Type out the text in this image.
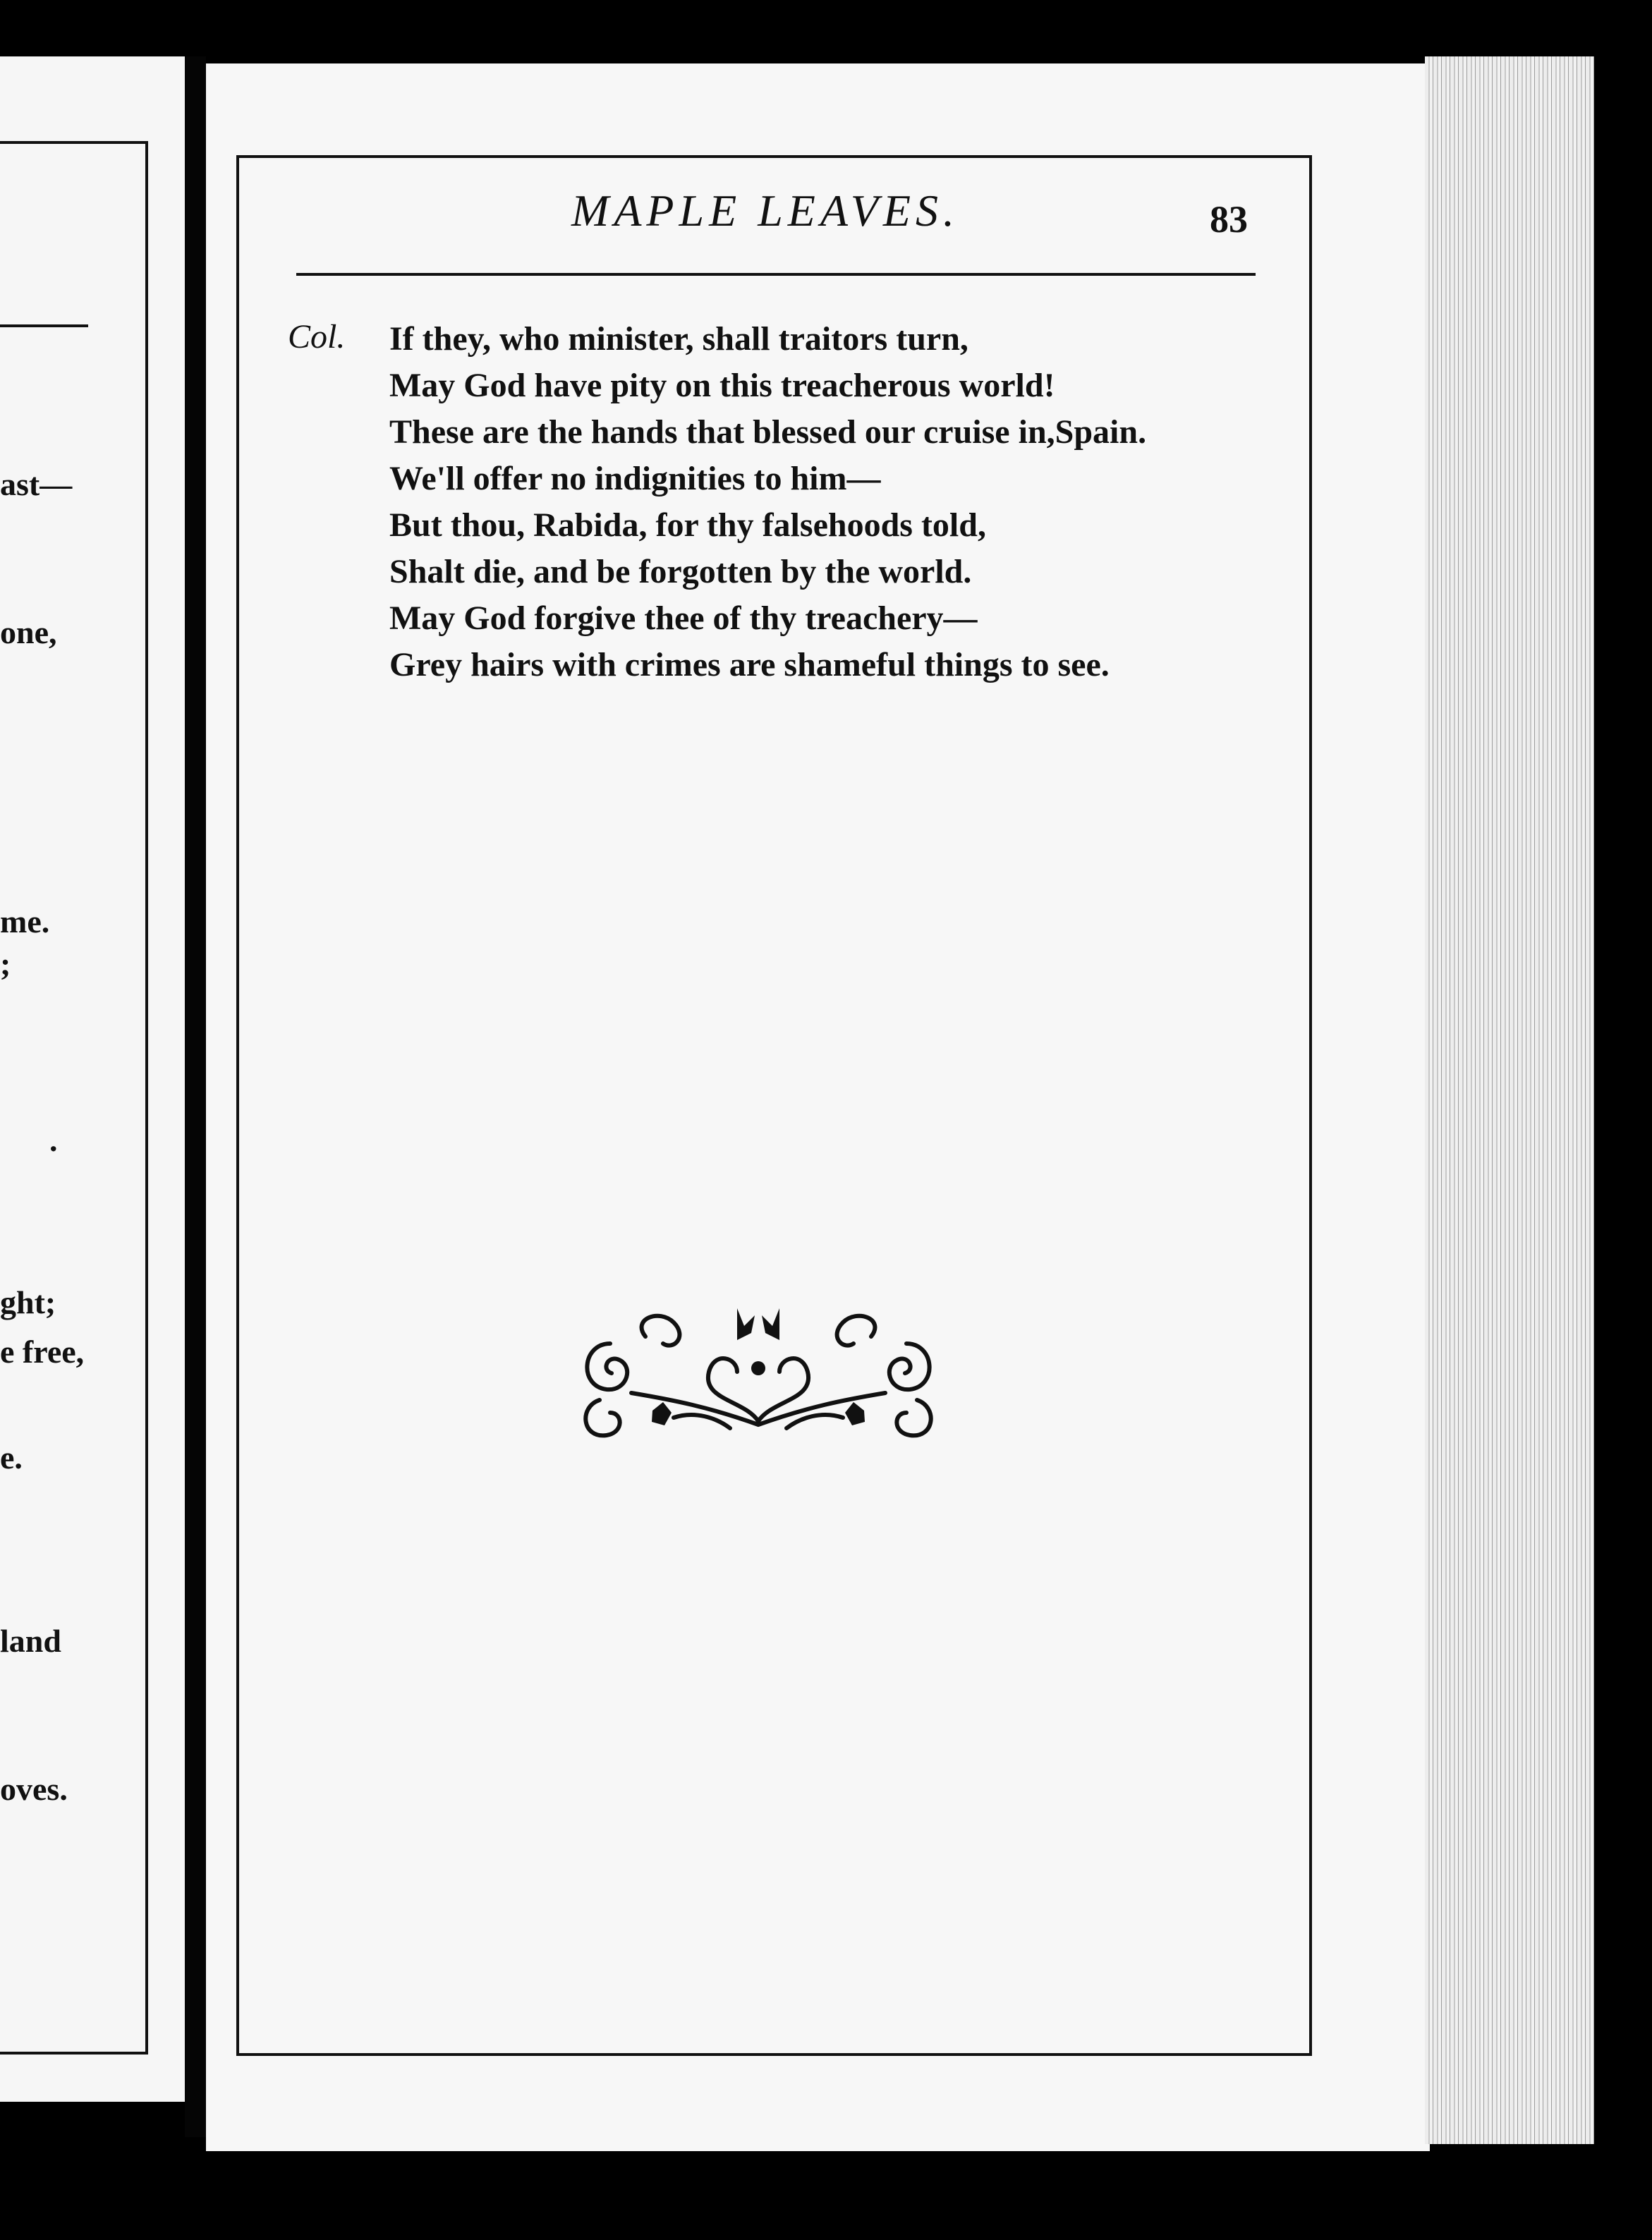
ast—
one,
me.
;
.
ght;
e free,
e.
land
oves.
MAPLE LEAVES.	83
Col. If they, who minister, shall traitors turn,
May God have pity on this treacherous world!
These are the hands that blessed our cruise in,Spain.
We'll offer no indignities to him—
But thou, Rabida, for thy falsehoods told,
Shalt die, and be forgotten by the world.
May God forgive thee of thy treachery—
Grey hairs with crimes are shameful things to see.
